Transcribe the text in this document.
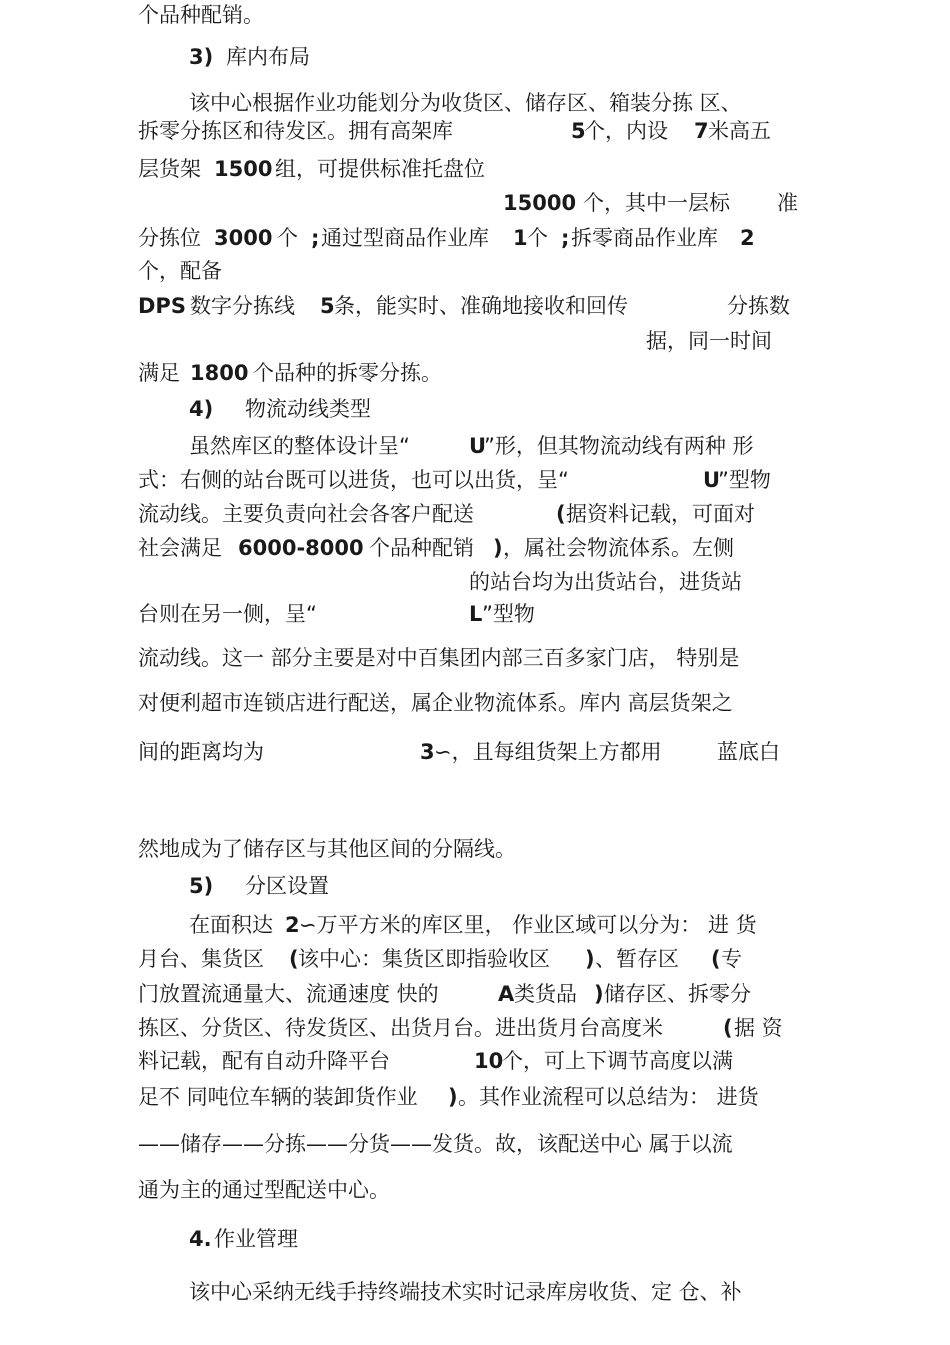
个品种配销。
3) 库内布局
该中心根据作业功能划分为收货区、储存区、箱装分拣 区、
拆零分拣区和待发区。拥有高架库	5
个，内设 7 米高五
层货架 1500 组，可提供标准托盘位
15000 个，其中一层标 准
分拣位 3000 个 ; 通过型商品作业库 1 个 ; 拆零商品作业库 2
个，配备
DPS 数字分拣线 5 条，能实时、准确地接收和回传	分拣数
据，同一时间
满足 1800 个品种的拆零分拣。
4) 物流动线类型
虽然库区的整体设计呈“	U
”形，但其物流动线有两种 形
式：右侧的站台既可以进货，也可以出货，呈“	U
”型物
流动线。主要负责向社会各客户配送	( 据资料记载，可面对
社会满足 6000-8000 个品种配销 ) ，属社会物流体系。左侧
的站台均为出货站台，进货站
台则在另一侧，呈“	L ”型物
流动线。这一 部分主要是对中百集团内部三百多家门店， 特别是
对便利超市连锁店进行配送，属企业物流体系。库内 高层货架之
间的距离均为	3 ∽，且每组货架上方都用	蓝底白
然地成为了储存区与其他区间的分隔线。
5) 分区设置
在面积达 2 ∽万平方米的库区里， 作业区域可以分为： 进 货
月台、集货区 ( 该中心：集货区即指验收区 ) 、暂存区 ( 专
门放置流通量大、流通速度 快的	A 类货品 ) 储存区、拆零分
拣区、分货区、待发货区、出货月台。进出货月台高度米	( 据 资
料记载，配有自动升降平台	10
个，可上下调节高度以满
足不 同吨位车辆的装卸货作业 ) 。其作业流程可以总结为： 进货
——储存——分拣——分货——发货。故，该配送中心 属于以流
通为主的通过型配送中心。
4. 作业管理
该中心采纳无线手持终端技术实时记录库房收货、定 仓、补
